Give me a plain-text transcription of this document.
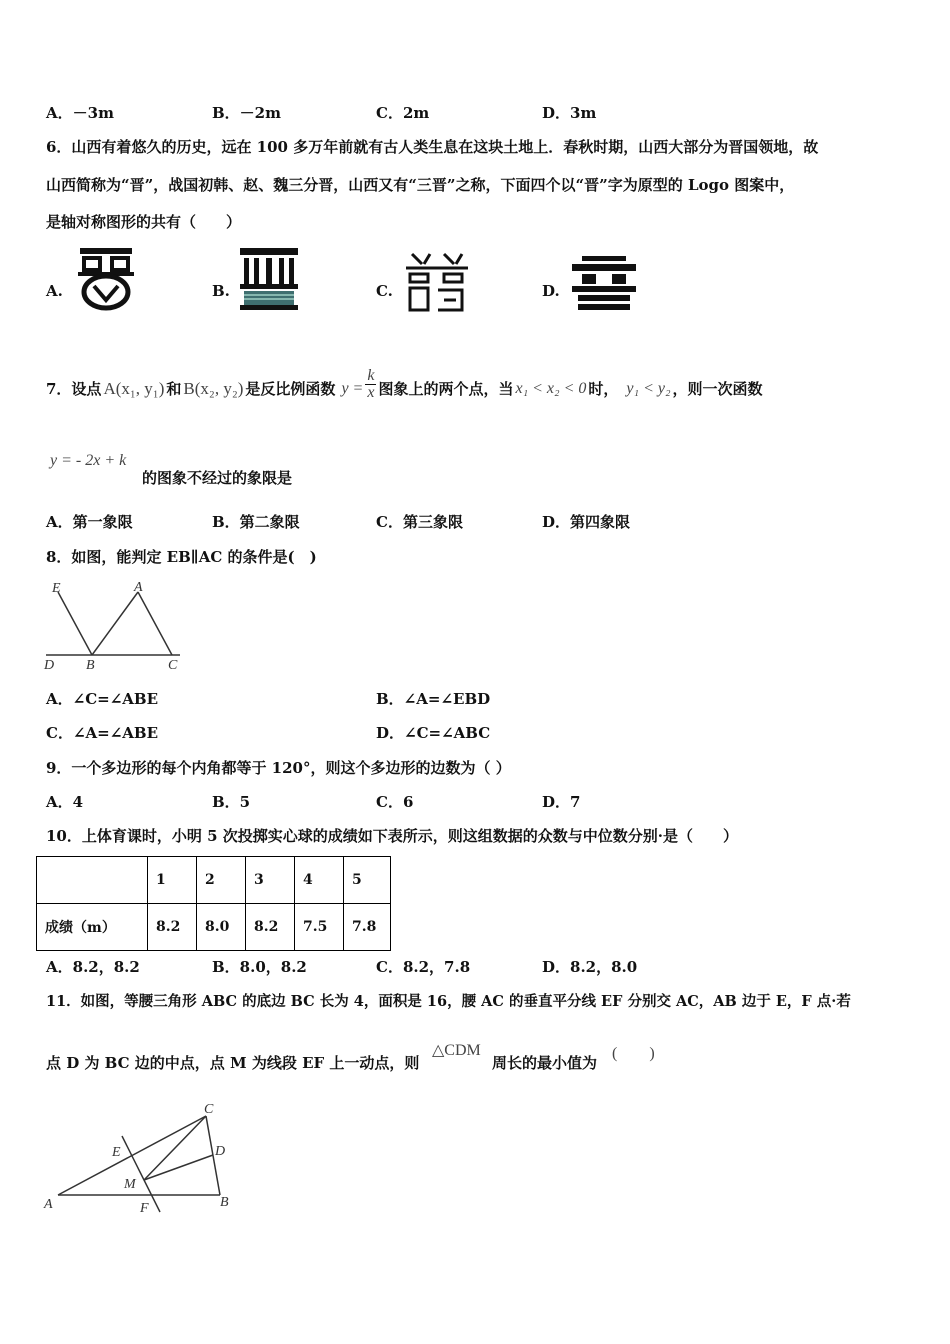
A．－3m	B．－2m	C．2m	D．3m
6．山西有着悠久的历史，远在 100 多万年前就有古人类生息在这块土地上．春秋时期，山西大部分为晋国领地，故
山西简称为“晋”，战国初韩、赵、魏三分晋，山西又有“三晋”之称，下面四个以“晋”字为原型的 Logo 图案中，
是轴对称图形的共有（　　）
A.	B.	C.	D.
7．设点 A(x₁, y₁) 和 B(x₂, y₂) 是反比例函数 $y = \frac{k}{x}$ 图象上的两个点，当 x₁ < x₂ < 0 时， y₁ < y₂ ，则一次函数
y = - 2x + k
的图象不经过的象限是
A．第一象限	B．第二象限	C．第三象限	D．第四象限
8．如图，能判定 EB∥AC 的条件是(　)
E	A
D B	C
A．∠C=∠ABE	B．∠A=∠EBD
C．∠A=∠ABE	D．∠C=∠ABC
9．一个多边形的每个内角都等于 120°，则这个多边形的边数为（ ）
A．4	B．5	C．6	D．7
10．上体育课时，小明 5 次投掷实心球的成绩如下表所示，则这组数据的众数与中位数分别·是（　　）
	1	2	3	4	5
成绩（m）	8.2	8.0	8.2	7.5	7.8
A．8.2，8.2	B．8.0，8.2	C．8.2，7.8	D．8.2，8.0
11．如图，等腰三角形 ABC 的底边 BC 长为 4，面积是 16，腰 AC 的垂直平分线 EF 分别交 AC，AB 边于 E，F 点·若
点 D 为 BC 边的中点，点 M 为线段 EF 上一动点，则
△CDM
周长的最小值为
(　　)
C
E	D
M
A	F	B
